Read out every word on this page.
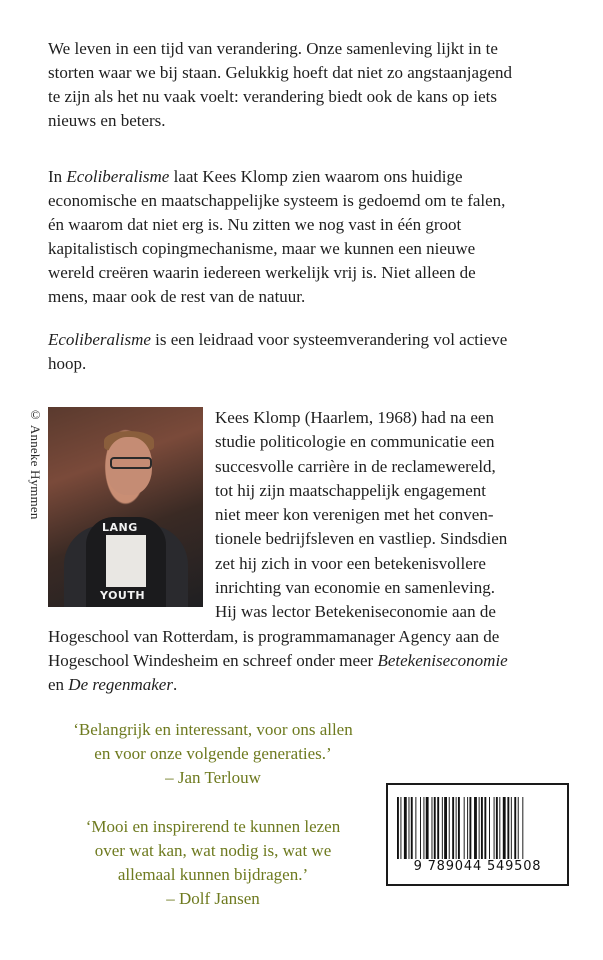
We leven in een tijd van verandering. Onze samenleving lijkt in te
storten waar we bij staan. Gelukkig hoeft dat niet zo angstaanjagend
te zijn als het nu vaak voelt: verandering biedt ook de kans op iets
nieuws en beters.

In Ecoliberalisme laat Kees Klomp zien waarom ons huidige
economische en maatschappelijke systeem is gedoemd om te falen,
én waarom dat niet erg is. Nu zitten we nog vast in één groot
kapitalistisch copingmechanisme, maar we kunnen een nieuwe
wereld creëren waarin iedereen werkelijk vrij is. Niet alleen de
mens, maar ook de rest van de natuur.

Ecoliberalisme is een leidraad voor systeemverandering vol actieve
hoop.

© Anneke Hymmen
LANG
YOUTH

Kees Klomp (Haarlem, 1968) had na een
studie politicologie en communicatie een
succesvolle carrière in de reclamewereld,
tot hij zijn maatschappelijk engagement
niet meer kon verenigen met het conven-
tionele bedrijfsleven en vastliep. Sindsdien
zet hij zich in voor een betekenisvollere
inrichting van economie en samenleving.
Hij was lector Betekeniseconomie aan de

Hogeschool van Rotterdam, is programmamanager Agency aan de
Hogeschool Windesheim en schreef onder meer Betekeniseconomie
en De regenmaker.

‘Belangrijk en interessant, voor ons allen
en voor onze volgende generaties.’
– Jan Terlouw

‘Mooi en inspirerend te kunnen lezen
over wat kan, wat nodig is, wat we
allemaal kunnen bijdragen.’
– Dolf Jansen

9 789044 549508
